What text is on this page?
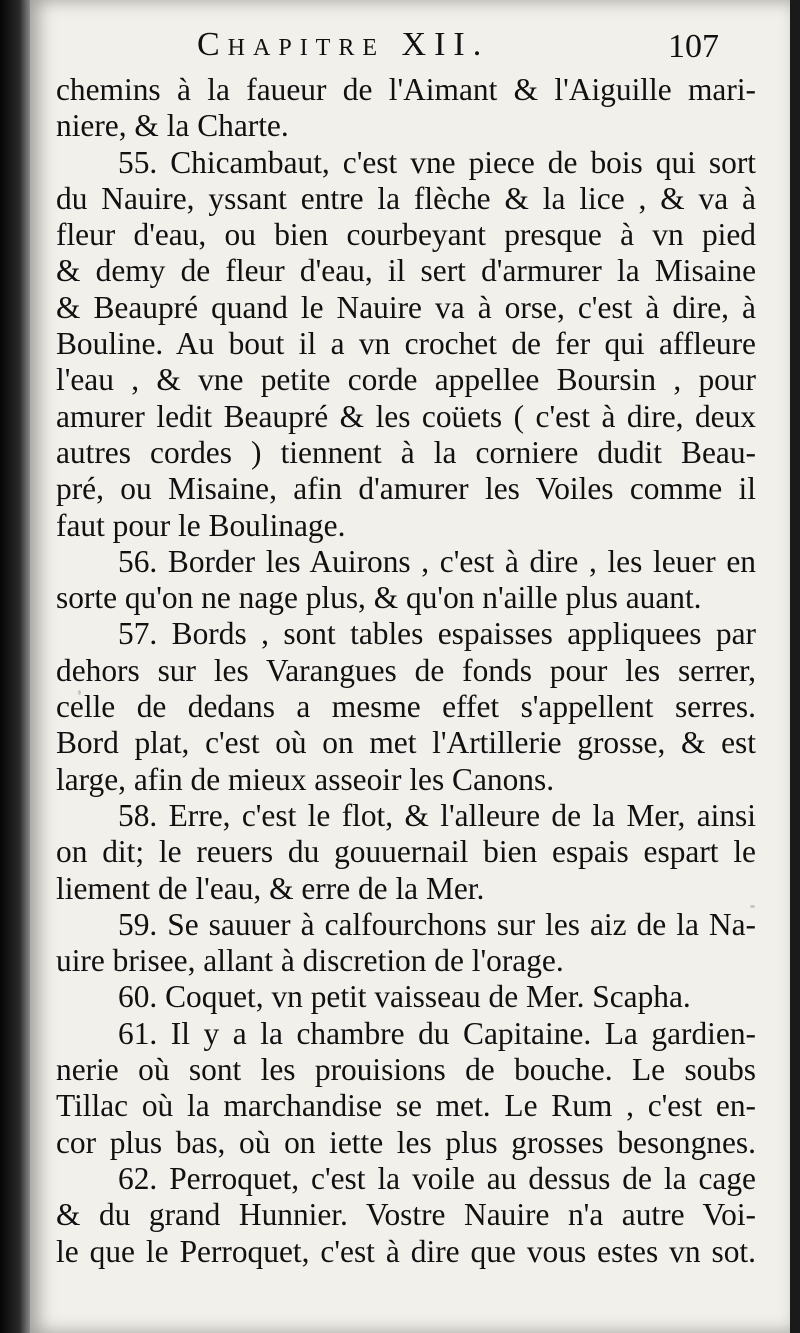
Chapitre XII.	107
chemins à la faueur de l'Aimant & l'Aiguille mari-
niere, & la Charte.
55. Chicambaut, c'est vne piece de bois qui sort
du Nauire, yssant entre la flèche & la lice , & va à
fleur d'eau, ou bien courbeyant presque à vn pied
& demy de fleur d'eau, il sert d'armurer la Misaine
& Beaupré quand le Nauire va à orse, c'est à dire, à
Bouline. Au bout il a vn crochet de fer qui affleure
l'eau , & vne petite corde appellee Boursin , pour
amurer ledit Beaupré & les coüets ( c'est à dire, deux
autres cordes ) tiennent à la corniere dudit Beau-
pré, ou Misaine, afin d'amurer les Voiles comme il
faut pour le Boulinage.
56. Border les Auirons , c'est à dire , les leuer en
sorte qu'on ne nage plus, & qu'on n'aille plus auant.
57. Bords , sont tables espaisses appliquees par
dehors sur les Varangues de fonds pour les serrer,
celle de dedans a mesme effet s'appellent serres.
Bord plat, c'est où on met l'Artillerie grosse, & est
large, afin de mieux asseoir les Canons.
58. Erre, c'est le flot, & l'alleure de la Mer, ainsi
on dit; le reuers du gouuernail bien espais espart le
liement de l'eau, & erre de la Mer.
59. Se sauuer à calfourchons sur les aiz de la Na-
uire brisee, allant à discretion de l'orage.
60. Coquet, vn petit vaisseau de Mer. Scapha.
61. Il y a la chambre du Capitaine. La gardien-
nerie où sont les prouisions de bouche. Le soubs
Tillac où la marchandise se met. Le Rum , c'est en-
cor plus bas, où on iette les plus grosses besongnes.
62. Perroquet, c'est la voile au dessus de la cage
& du grand Hunnier. Vostre Nauire n'a autre Voi-
le que le Perroquet, c'est à dire que vous estes vn sot.
